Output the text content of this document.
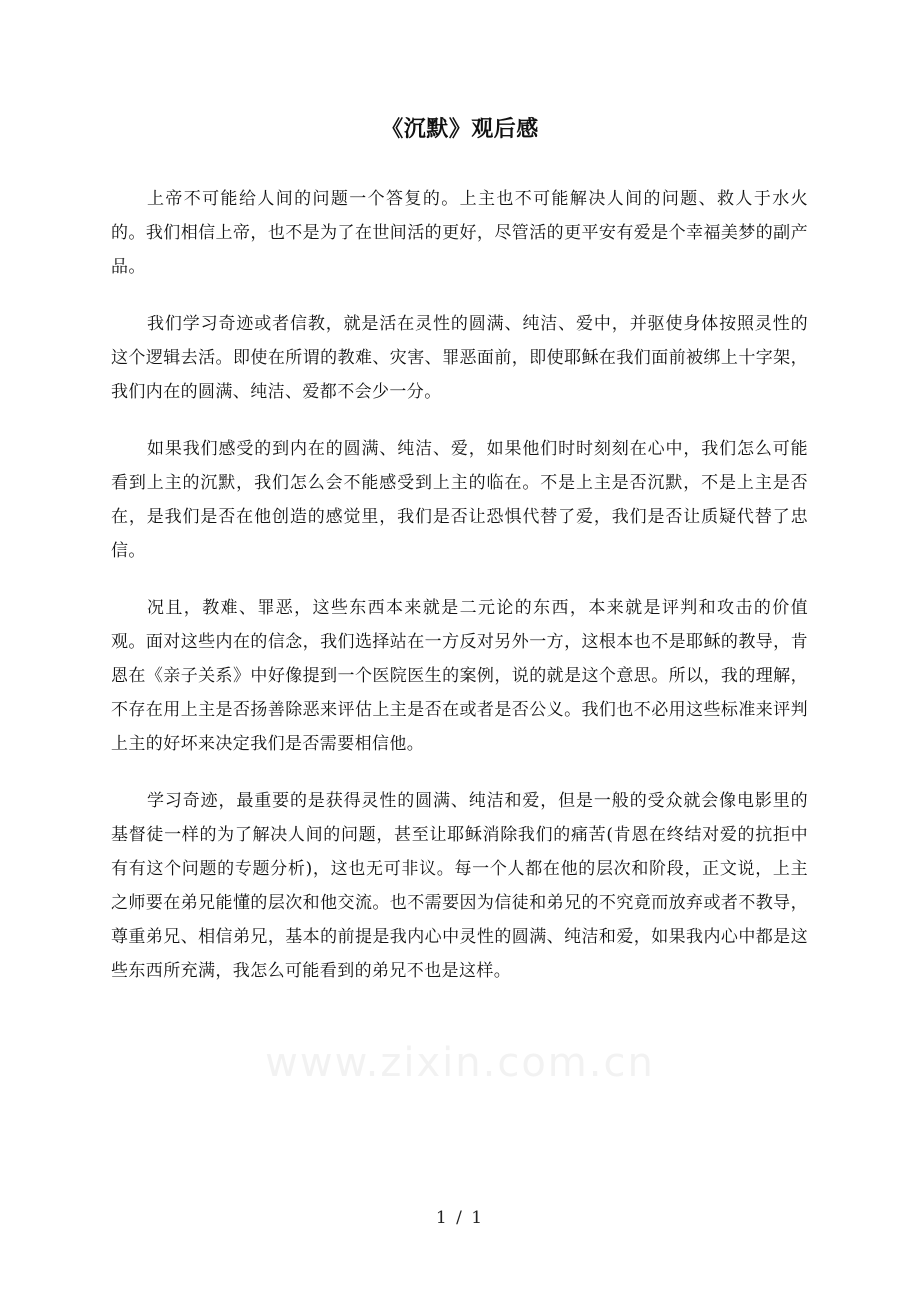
《沉默》观后感

上帝不可能给人间的问题一个答复的。上主也不可能解决人间的问题、救人于水火的。我们相信上帝，也不是为了在世间活的更好，尽管活的更平安有爱是个幸福美梦的副产品。

我们学习奇迹或者信教，就是活在灵性的圆满、纯洁、爱中，并驱使身体按照灵性的这个逻辑去活。即使在所谓的教难、灾害、罪恶面前，即使耶稣在我们面前被绑上十字架，我们内在的圆满、纯洁、爱都不会少一分。

如果我们感受的到内在的圆满、纯洁、爱，如果他们时时刻刻在心中，我们怎么可能看到上主的沉默，我们怎么会不能感受到上主的临在。不是上主是否沉默，不是上主是否在，是我们是否在他创造的感觉里，我们是否让恐惧代替了爱，我们是否让质疑代替了忠信。

况且，教难、罪恶，这些东西本来就是二元论的东西，本来就是评判和攻击的价值观。面对这些内在的信念，我们选择站在一方反对另外一方，这根本也不是耶稣的教导，肯恩在《亲子关系》中好像提到一个医院医生的案例，说的就是这个意思。所以，我的理解，不存在用上主是否扬善除恶来评估上主是否在或者是否公义。我们也不必用这些标准来评判上主的好坏来决定我们是否需要相信他。

学习奇迹，最重要的是获得灵性的圆满、纯洁和爱，但是一般的受众就会像电影里的基督徒一样的为了解决人间的问题，甚至让耶稣消除我们的痛苦(肯恩在终结对爱的抗拒中有有这个问题的专题分析)，这也无可非议。每一个人都在他的层次和阶段，正文说，上主之师要在弟兄能懂的层次和他交流。也不需要因为信徒和弟兄的不究竟而放弃或者不教导，尊重弟兄、相信弟兄，基本的前提是我内心中灵性的圆满、纯洁和爱，如果我内心中都是这些东西所充满，我怎么可能看到的弟兄不也是这样。

www.zixin.com.cn
1 / 1
